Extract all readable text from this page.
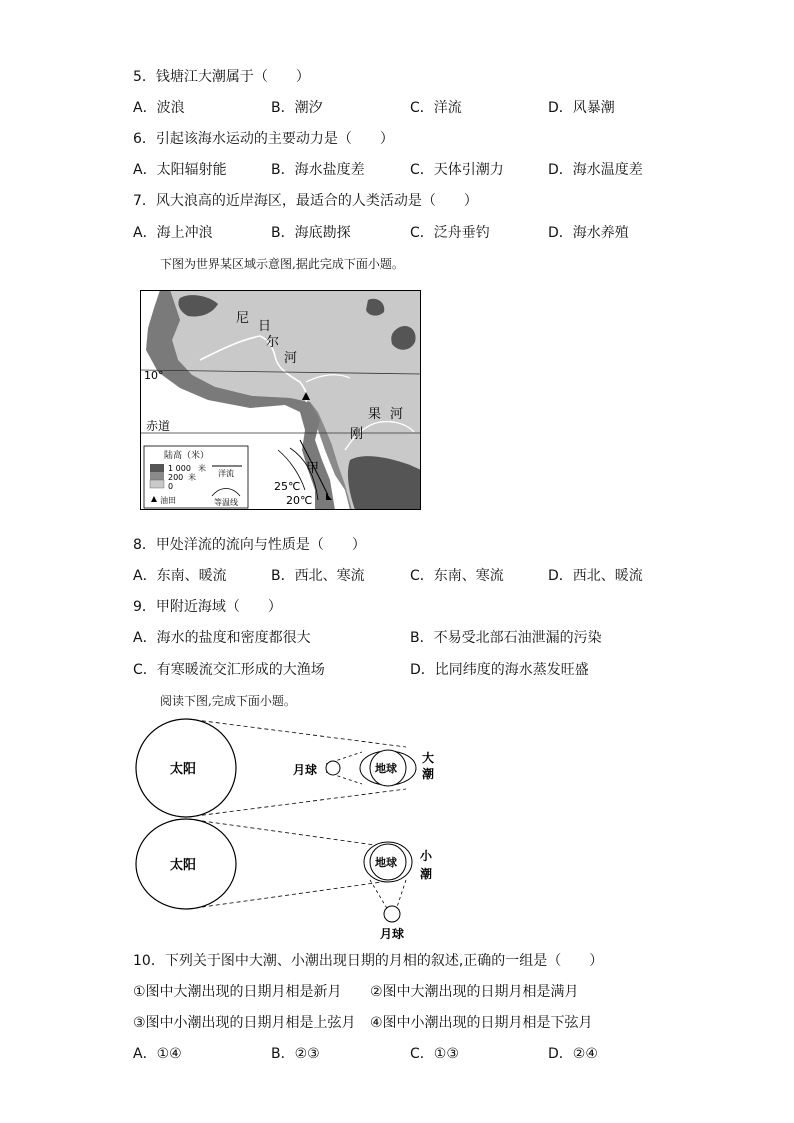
5．钱塘江大潮属于（　　）
A．波浪	B．潮汐	C．洋流	D．风暴潮
6．引起该海水运动的主要动力是（　　）
A．太阳辐射能	B．海水盐度差	C．天体引潮力	D．海水温度差
7．风大浪高的近岸海区，最适合的人类活动是（　　）
A．海上冲浪	B．海底勘探	C．泛舟垂钓	D．海水养殖
下图为世界某区域示意图,据此完成下面小题。
尼
日
尔
河
10°
赤道
果 河
刚
甲
25℃
20℃
陆高（米）
1 000 米
200 米
0
油田
洋流
等温线
8．甲处洋流的流向与性质是（　　）
A．东南、暖流	B．西北、寒流	C．东南、寒流	D．西北、暖流
9．甲附近海域（　　）
A．海水的盐度和密度都很大	B．不易受北部石油泄漏的污染
C．有寒暖流交汇形成的大渔场	D．比同纬度的海水蒸发旺盛
阅读下图,完成下面小题。
太阳	月球	地球
大
潮
太阳	地球 小
潮
月球
10．下列关于图中大潮、小潮出现日期的月相的叙述,正确的一组是（　　）
①图中大潮出现的日期月相是新月 ②图中大潮出现的日期月相是满月
③图中小潮出现的日期月相是上弦月 ④图中小潮出现的日期月相是下弦月
A．①④	B．②③	C．①③	D．②④
